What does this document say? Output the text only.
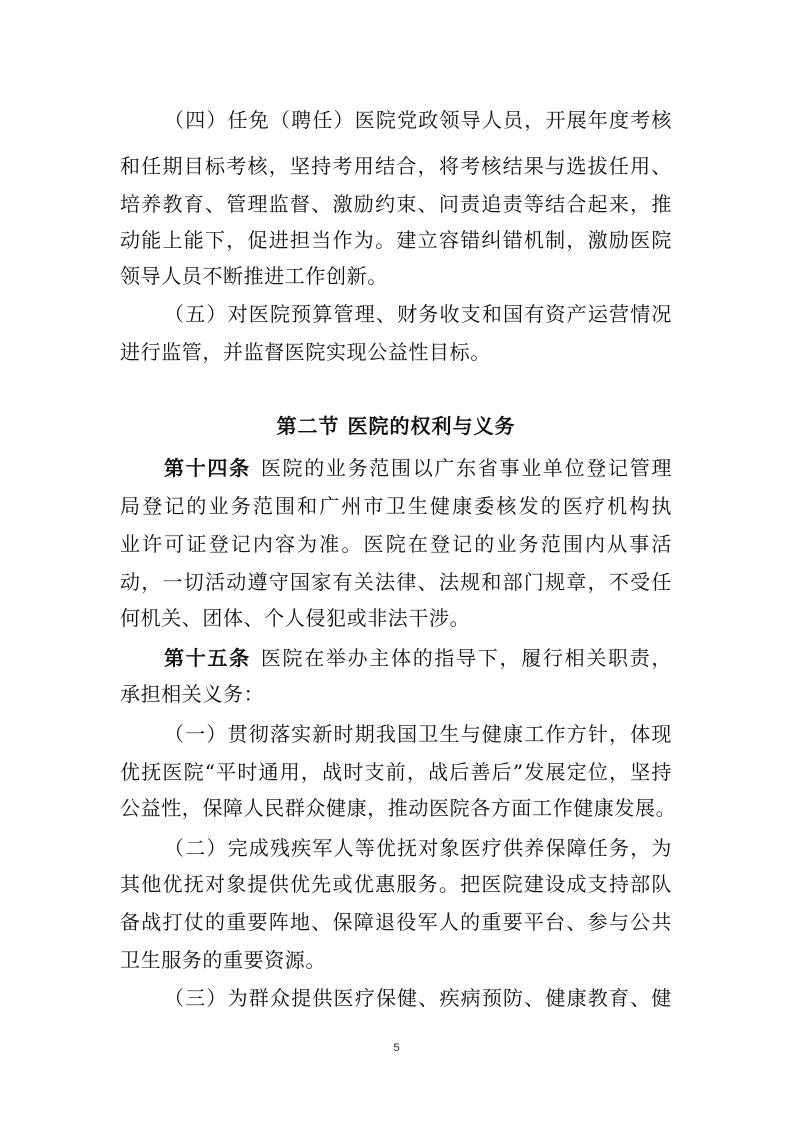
（四）任免（聘任）医院党政领导人员，开展年度考核
和任期目标考核，坚持考用结合，将考核结果与选拔任用、
培养教育、管理监督、激励约束、问责追责等结合起来，推
动能上能下，促进担当作为。建立容错纠错机制，激励医院
领导人员不断推进工作创新。
（五）对医院预算管理、财务收支和国有资产运营情况
进行监管，并监督医院实现公益性目标。
第二节 医院的权利与义务
第十四条 医院的业务范围以广东省事业单位登记管理
局登记的业务范围和广州市卫生健康委核发的医疗机构执
业许可证登记内容为准。医院在登记的业务范围内从事活
动，一切活动遵守国家有关法律、法规和部门规章，不受任
何机关、团体、个人侵犯或非法干涉。
第十五条 医院在举办主体的指导下，履行相关职责，
承担相关义务：
（一）贯彻落实新时期我国卫生与健康工作方针，体现
优抚医院“平时通用，战时支前，战后善后”发展定位，坚持
公益性，保障人民群众健康，推动医院各方面工作健康发展。
（二）完成残疾军人等优抚对象医疗供养保障任务，为
其他优抚对象提供优先或优惠服务。把医院建设成支持部队
备战打仗的重要阵地、保障退役军人的重要平台、参与公共
卫生服务的重要资源。
（三）为群众提供医疗保健、疾病预防、健康教育、健
5
